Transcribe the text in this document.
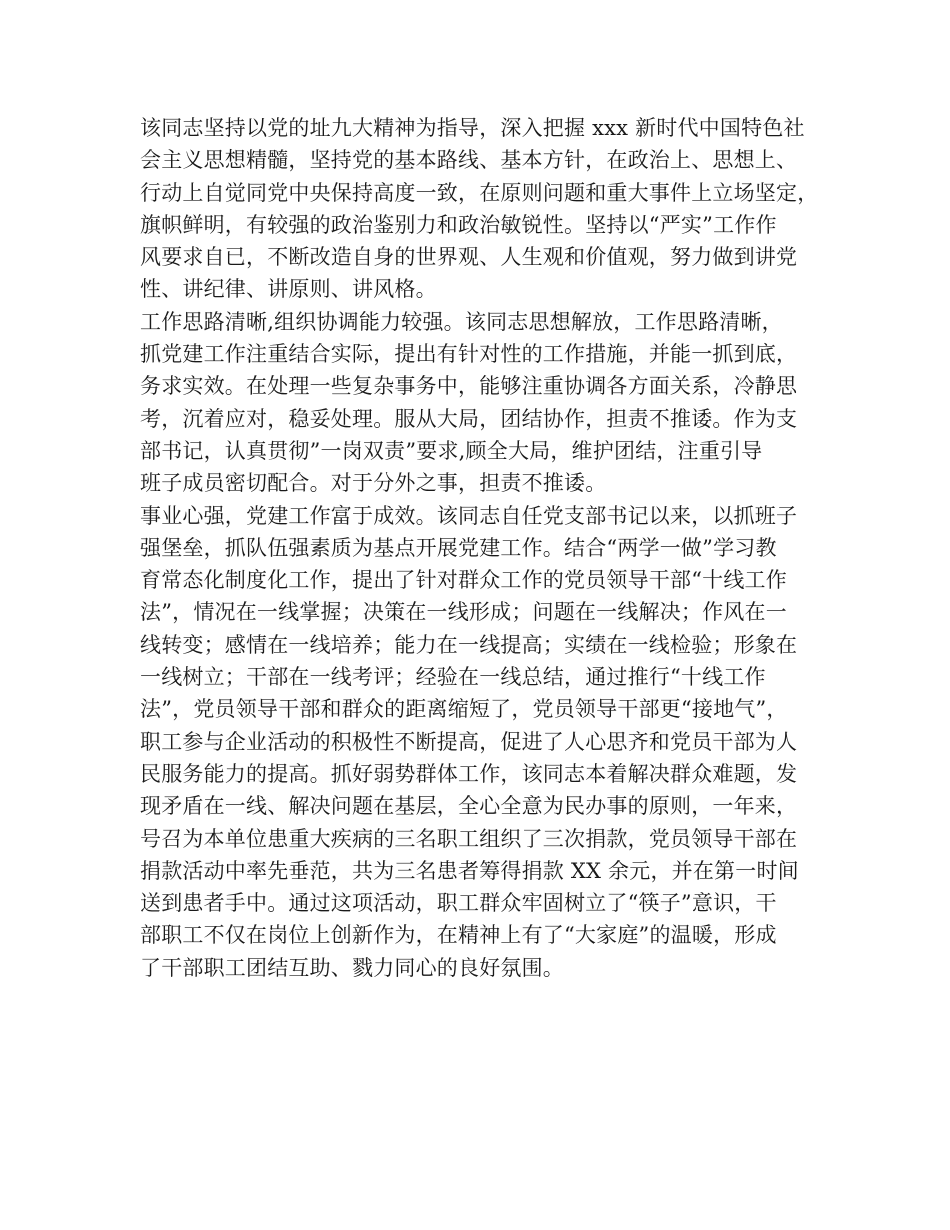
该同志坚持以党的址九大精神为指导，深入把握 xxx 新时代中国特色社
会主义思想精髓，坚持党的基本路线、基本方针，在政治上、思想上、
行动上自觉同党中央保持高度一致，在原则问题和重大事件上立场坚定，
旗帜鲜明，有较强的政治鉴别力和政治敏锐性。坚持以“严实”工作作
风要求自已，不断改造自身的世界观、人生观和价值观，努力做到讲党
性、讲纪律、讲原则、讲风格。
工作思路清晰,组织协调能力较强。该同志思想解放，工作思路清晰，
抓党建工作注重结合实际，提出有针对性的工作措施，并能一抓到底，
务求实效。在处理一些复杂事务中，能够注重协调各方面关系，冷静思
考，沉着应对，稳妥处理。服从大局，团结协作，担责不推诿。作为支
部书记，认真贯彻”一岗双责”要求,顾全大局，维护团结，注重引导
班子成员密切配合。对于分外之事，担责不推诿。
事业心强，党建工作富于成效。该同志自任党支部书记以来，以抓班子
强堡垒，抓队伍强素质为基点开展党建工作。结合“两学一做”学习教
育常态化制度化工作，提出了针对群众工作的党员领导干部“十线工作
法”，情况在一线掌握；决策在一线形成；问题在一线解决；作风在一
线转变；感情在一线培养；能力在一线提高；实绩在一线检验；形象在
一线树立；干部在一线考评；经验在一线总结，通过推行“十线工作
法”，党员领导干部和群众的距离缩短了，党员领导干部更“接地气”，
职工参与企业活动的积极性不断提高，促进了人心思齐和党员干部为人
民服务能力的提高。抓好弱势群体工作，该同志本着解决群众难题，发
现矛盾在一线、解决问题在基层，全心全意为民办事的原则，一年来，
号召为本单位患重大疾病的三名职工组织了三次捐款，党员领导干部在
捐款活动中率先垂范，共为三名患者筹得捐款 XX 余元，并在第一时间
送到患者手中。通过这项活动，职工群众牢固树立了“筷子”意识，干
部职工不仅在岗位上创新作为，在精神上有了“大家庭”的温暖，形成
了干部职工团结互助、戮力同心的良好氛围。
